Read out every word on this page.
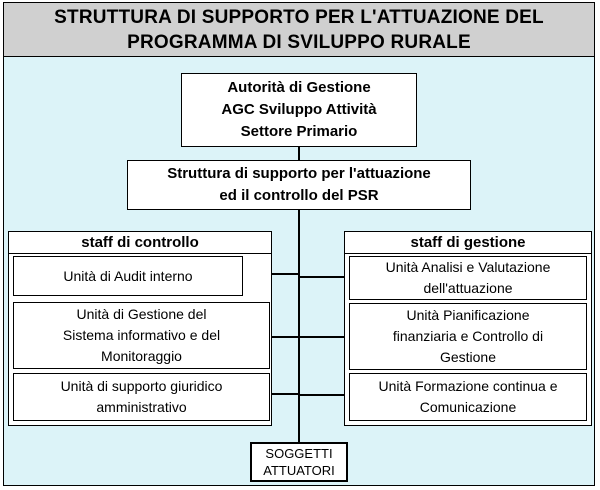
STRUTTURA DI SUPPORTO PER L'ATTUAZIONE DEL
PROGRAMMA DI SVILUPPO RURALE
Autorità di Gestione
AGC Sviluppo Attività
Settore Primario
Struttura di supporto per l'attuazione
ed il controllo del PSR
staff di controllo
Unità di Audit interno
Unità di Gestione del
Sistema informativo e del
Monitoraggio
Unità di supporto giuridico
amministrativo
staff di gestione
Unità Analisi e Valutazione
dell'attuazione
Unità Pianificazione
finanziaria e Controllo di
Gestione
Unità Formazione continua e
Comunicazione
SOGGETTI
ATTUATORI
